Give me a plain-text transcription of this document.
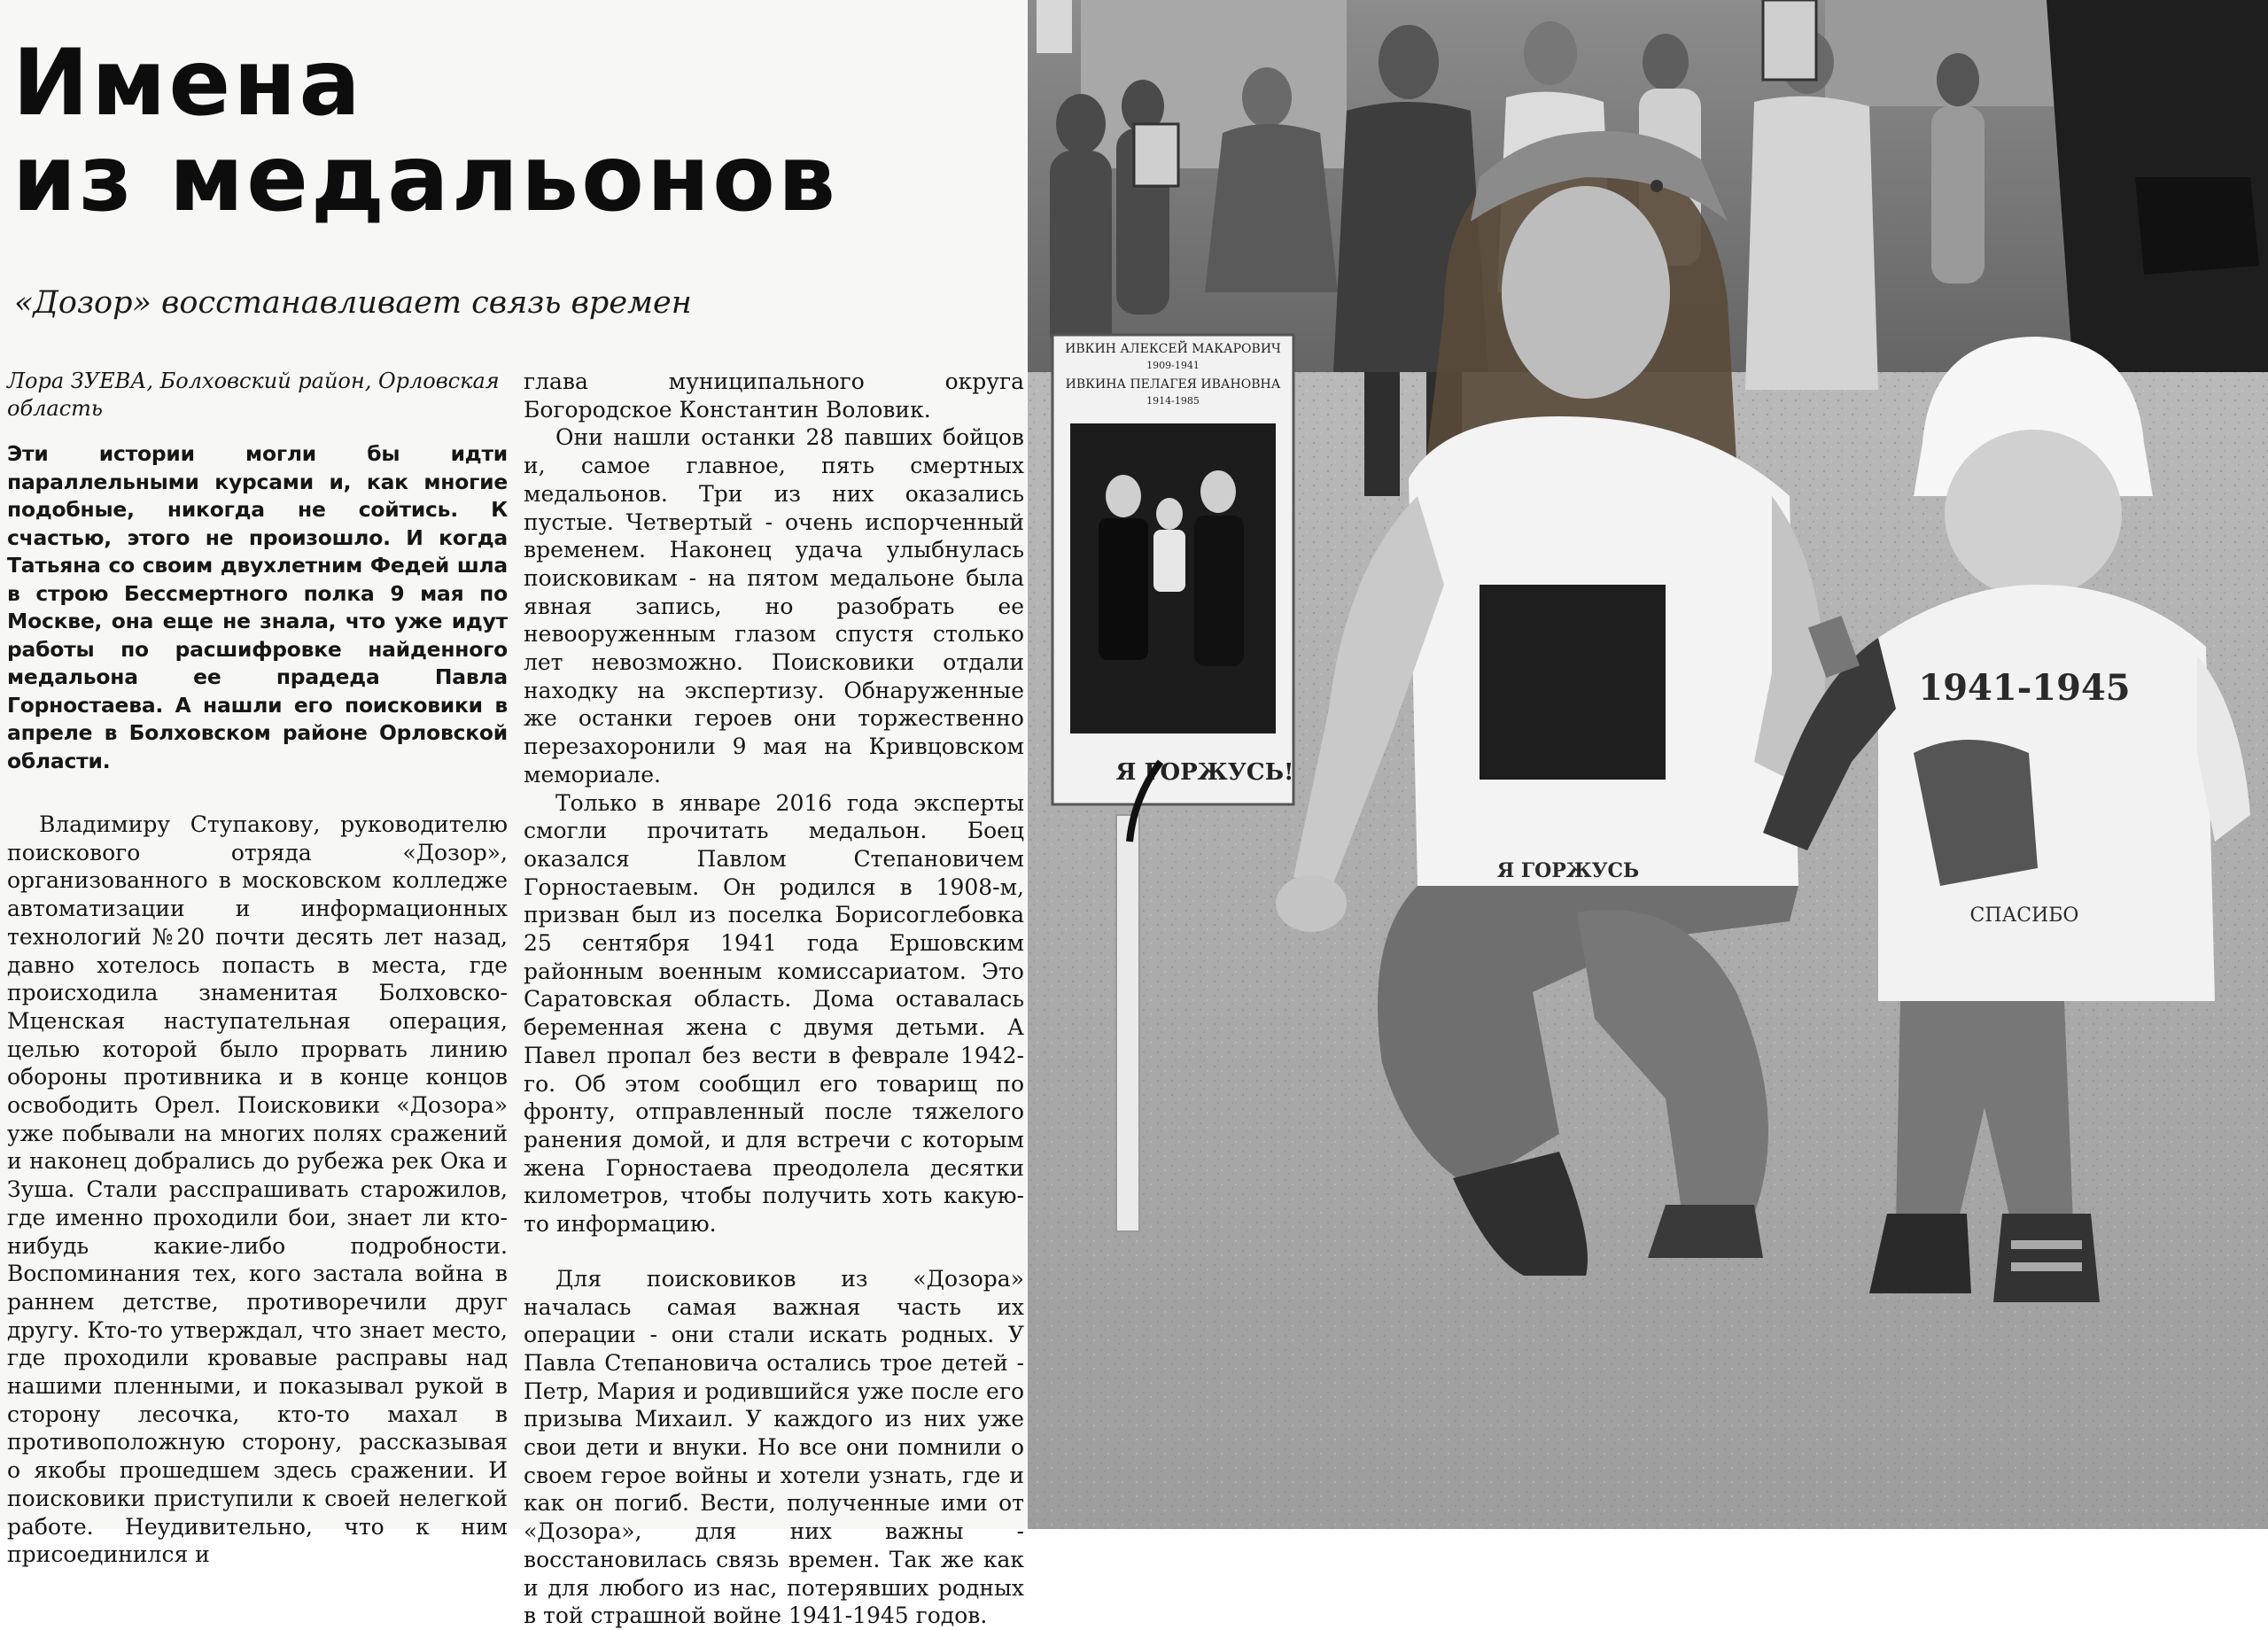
Имена
из медальонов

«Дозор» восстанавливает связь времен

Лора ЗУЕВА, Болховский район, Орловская область

Эти истории могли бы идти параллельными курсами и, как многие подобные, никогда не сойтись. К счастью, этого не произошло. И когда Татьяна со своим двухлетним Федей шла в строю Бессмертного полка 9 мая по Москве, она еще не знала, что уже идут работы по расшифровке найденного медальона ее прадеда Павла Горностаева. А нашли его поисковики в апреле в Болховском районе Орловской области.

Владимиру Ступакову, руководителю поискового отряда «Дозор», организованного в московском колледже автоматизации и информационных технологий №20 почти десять лет назад, давно хотелось попасть в места, где происходила знаменитая Болховско-Мценская наступательная операция, целью которой было прорвать линию обороны противника и в конце концов освободить Орел. Поисковики «Дозора» уже побывали на многих полях сражений и наконец добрались до рубежа рек Ока и Зуша. Стали расспрашивать старожилов, где именно проходили бои, знает ли кто-нибудь какие-либо подробности. Воспоминания тех, кого застала война в раннем детстве, противоречили друг другу. Кто-то утверждал, что знает место, где проходили кровавые расправы над нашими пленными, и показывал рукой в сторону лесочка, кто-то махал в противоположную сторону, рассказывая о якобы прошедшем здесь сражении. И поисковики приступили к своей нелегкой работе. Неудивительно, что к ним присоединился и

глава муниципального округа Богородское Константин Воловик.

Они нашли останки 28 павших бойцов и, самое главное, пять смертных медальонов. Три из них оказались пустые. Четвертый - очень испорченный временем. Наконец удача улыбнулась поисковикам - на пятом медальоне была явная запись, но разобрать ее невооруженным глазом спустя столько лет невозможно. Поисковики отдали находку на экспертизу. Обнаруженные же останки героев они торжественно перезахоронили 9 мая на Кривцовском мемориале.

Только в январе 2016 года эксперты смогли прочитать медальон. Боец оказался Павлом Степановичем Горностаевым. Он родился в 1908-м, призван был из поселка Борисоглебовка 25 сентября 1941 года Ершовским районным военным комиссариатом. Это Саратовская область. Дома оставалась беременная жена с двумя детьми. А Павел пропал без вести в феврале 1942-го. Об этом сообщил его товарищ по фронту, отправленный после тяжелого ранения домой, и для встречи с которым жена Горностаева преодолела десятки километров, чтобы получить хоть какую-то информацию.

Для поисковиков из «Дозора» началась самая важная часть их операции - они стали искать родных. У Павла Степановича остались трое детей - Петр, Мария и родившийся уже после его призыва Михаил. У каждого из них уже свои дети и внуки. Но все они помнили о своем герое войны и хотели узнать, где и как он погиб. Вести, полученные ими от «Дозора», для них важны - восстановилась связь времен. Так же как и для любого из нас, потерявших родных в той страшной войне 1941-1945 годов.

ИВКИН АЛЕКСЕЙ МАКАРОВИЧ
1909-1941
ИВКИНА ПЕЛАГЕЯ ИВАНОВНА
1914-1985
Я ГОРЖУСЬ!
Я ГОРЖУСЬ
1941-1945
СПАСИБО
